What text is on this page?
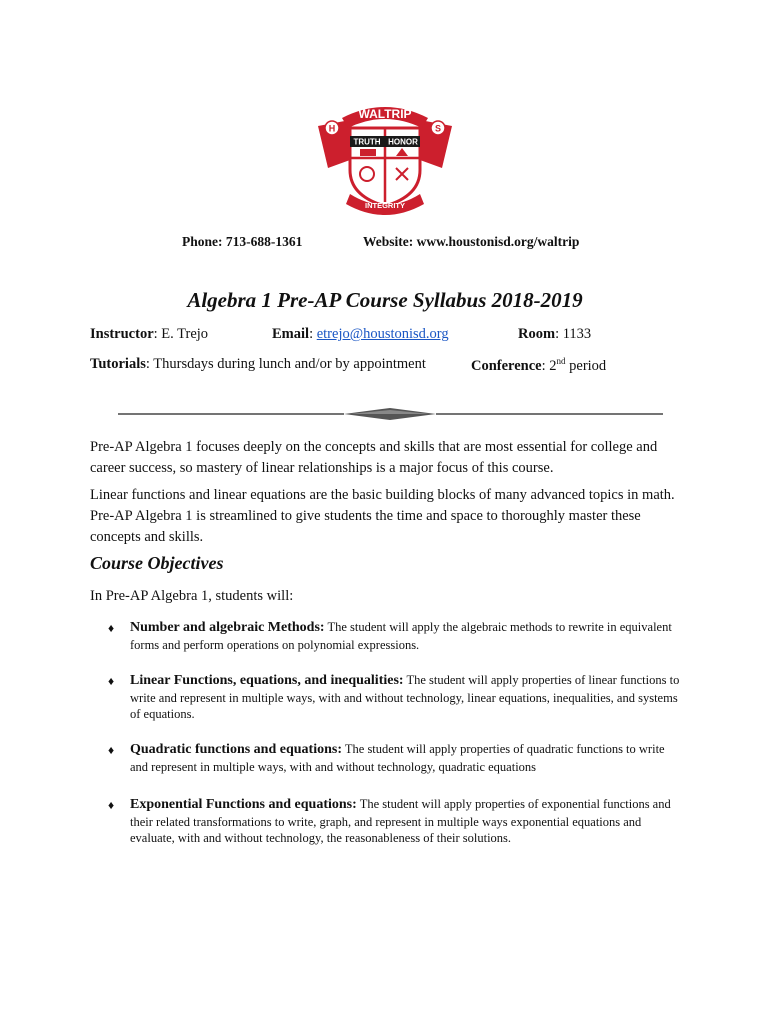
H	S
WALTRIP
TRUTH HONOR
INTEGRITY
Phone: 713-688-1361	Website: www.houstonisd.org/waltrip
Algebra 1 Pre-AP Course Syllabus 2018-2019
Instructor: E. Trejo	Email: etrejo@houstonisd.org	Room: 1133
Tutorials: Thursdays during lunch and/or by appointment	Conference: 2nd period

Pre-AP Algebra 1 focuses deeply on the concepts and skills that are most essential for college and career success, so mastery of linear relationships is a major focus of this course.

Linear functions and linear equations are the basic building blocks of many advanced topics in math. Pre-AP Algebra 1 is streamlined to give students the time and space to thoroughly master these concepts and skills.

Course Objectives

In Pre-AP Algebra 1, students will:

♦ Number and algebraic Methods: The student will apply the algebraic methods to rewrite in equivalent forms and perform operations on polynomial expressions.
♦ Linear Functions, equations, and inequalities: The student will apply properties of linear functions to write and represent in multiple ways, with and without technology, linear equations, inequalities, and systems of equations.
♦ Quadratic functions and equations: The student will apply properties of quadratic functions to write and represent in multiple ways, with and without technology, quadratic equations
♦ Exponential Functions and equations: The student will apply properties of exponential functions and their related transformations to write, graph, and represent in multiple ways exponential equations and evaluate, with and without technology, the reasonableness of their solutions.
